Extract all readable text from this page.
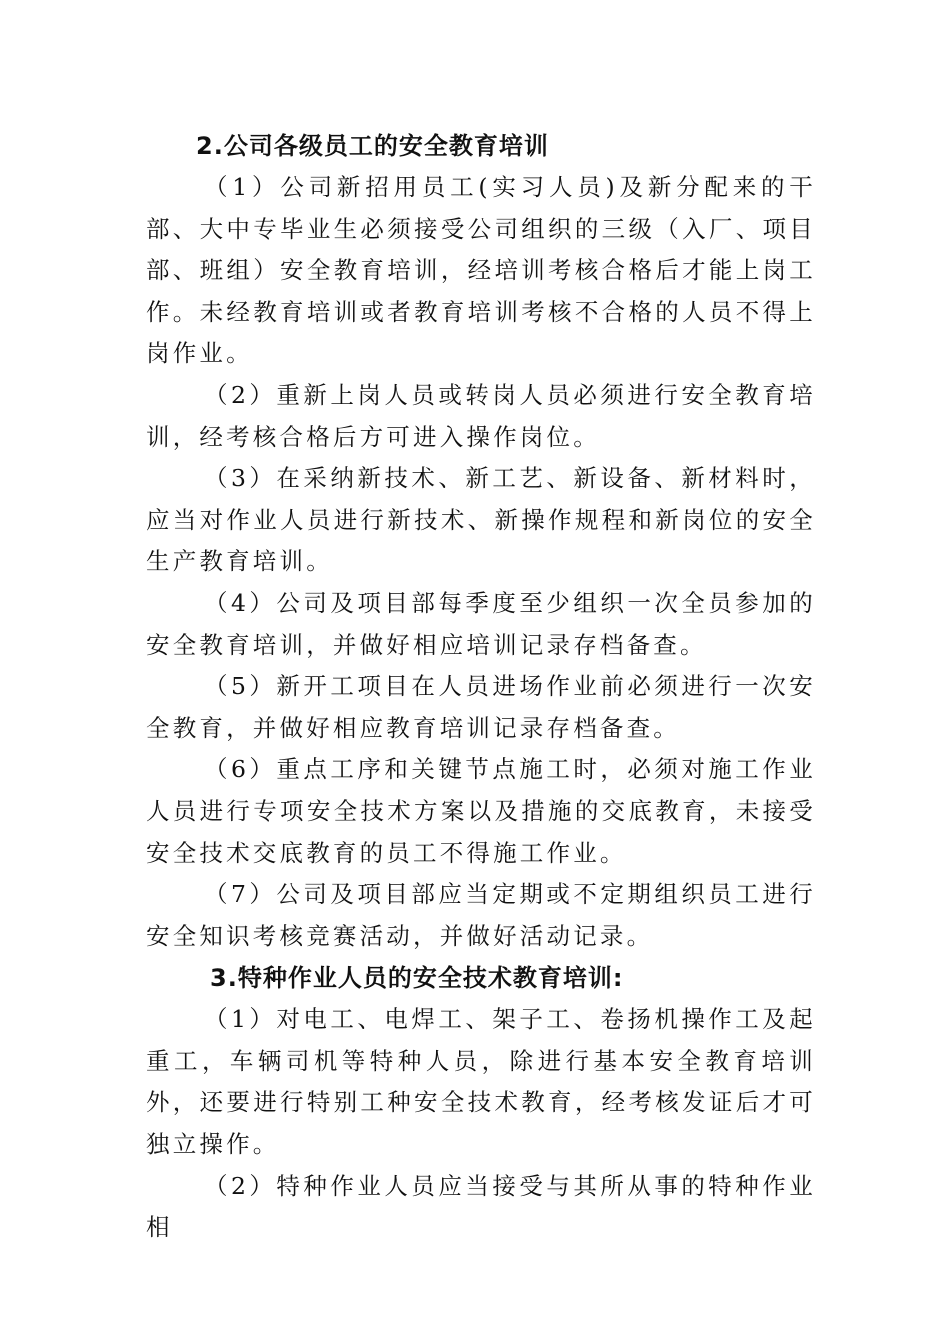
2.公司各级员工的安全教育培训

（1）公司新招用员工(实习人员)及新分配来的干部、大中专毕业生必须接受公司组织的三级（入厂、项目部、班组）安全教育培训，经培训考核合格后才能上岗工作。未经教育培训或者教育培训考核不合格的人员不得上岗作业。

（2）重新上岗人员或转岗人员必须进行安全教育培训，经考核合格后方可进入操作岗位。

（3）在采纳新技术、新工艺、新设备、新材料时，应当对作业人员进行新技术、新操作规程和新岗位的安全生产教育培训。

（4）公司及项目部每季度至少组织一次全员参加的安全教育培训，并做好相应培训记录存档备查。

（5）新开工项目在人员进场作业前必须进行一次安全教育，并做好相应教育培训记录存档备查。

（6）重点工序和关键节点施工时，必须对施工作业人员进行专项安全技术方案以及措施的交底教育，未接受安全技术交底教育的员工不得施工作业。

（7）公司及项目部应当定期或不定期组织员工进行安全知识考核竞赛活动，并做好活动记录。

3.特种作业人员的安全技术教育培训:

（1）对电工、电焊工、架子工、卷扬机操作工及起重工，车辆司机等特种人员，除进行基本安全教育培训外，还要进行特别工种安全技术教育，经考核发证后才可独立操作。

（2）特种作业人员应当接受与其所从事的特种作业相
